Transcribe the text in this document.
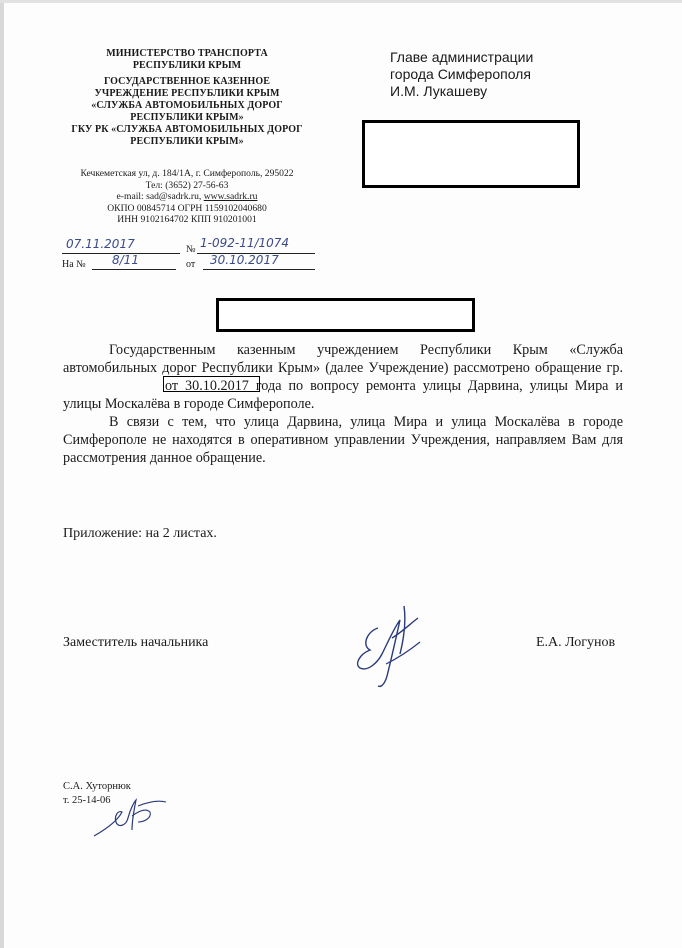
МИНИСТЕРСТВО ТРАНСПОРТА
РЕСПУБЛИКИ КРЫМ
ГОСУДАРСТВЕННОЕ КАЗЕННОЕ
УЧРЕЖДЕНИЕ РЕСПУБЛИКИ КРЫМ
«СЛУЖБА АВТОМОБИЛЬНЫХ ДОРОГ
РЕСПУБЛИКИ КРЫМ»
ГКУ РК «СЛУЖБА АВТОМОБИЛЬНЫХ ДОРОГ
РЕСПУБЛИКИ КРЫМ»
Кечкеметская ул, д. 184/1А, г. Симферополь, 295022
Тел: (3652) 27-56-63
e-mail: sad@sadrk.ru, www.sadrk.ru
ОКПО 00845714 ОГРН 1159102040680
ИНН 9102164702 КПП 910201001
07.11.2017	№ 1-092-11/1074
На № 8/11	от 30.10.2017
Главе администрации
города Симферополя
И.М. Лукашеву

Государственным казенным учреждением Республики Крым «Служба автомобильных дорог Республики Крым» (далее Учреждение) рассмотрено обращение гр.от 30.10.2017 года по вопросу ремонта улицы Дарвина, улицы Мира и улицы Москалёва в городе Симферополе.

В связи с тем, что улица Дарвина, улица Мира и улица Москалёва в городе Симферополе не находятся в оперативном управлении Учреждения, направляем Вам для рассмотрения данное обращение.

Приложение: на 2 листах.
Заместитель начальника	Е.А. Логунов
С.А. Хуторнюк
т. 25-14-06
